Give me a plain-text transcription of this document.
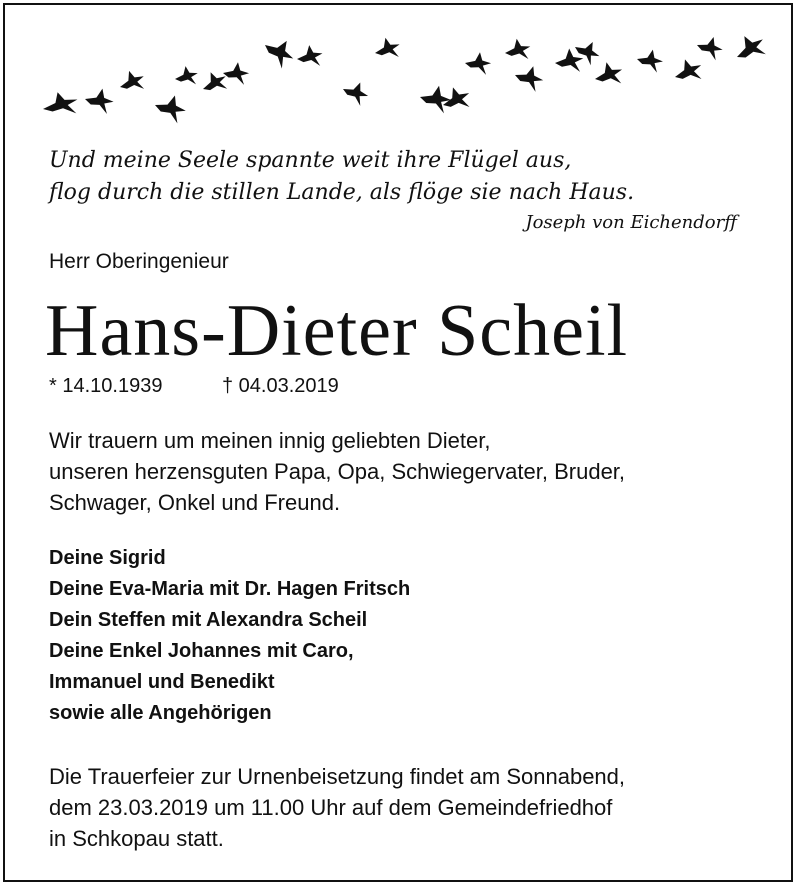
Und meine Seele spannte weit ihre Flügel aus,
flog durch die stillen Lande, als flöge sie nach Haus.
Joseph von Eichendorff
Herr Oberingenieur
Hans-Dieter Scheil
* 14.10.1939	† 04.03.2019
Wir trauern um meinen innig geliebten Dieter,
unseren herzensguten Papa, Opa, Schwiegervater, Bruder,
Schwager, Onkel und Freund.
Deine Sigrid
Deine Eva-Maria mit Dr. Hagen Fritsch
Dein Steffen mit Alexandra Scheil
Deine Enkel Johannes mit Caro,
Immanuel und Benedikt
sowie alle Angehörigen
Die Trauerfeier zur Urnenbeisetzung findet am Sonnabend,
dem 23.03.2019 um 11.00 Uhr auf dem Gemeindefriedhof
in Schkopau statt.
